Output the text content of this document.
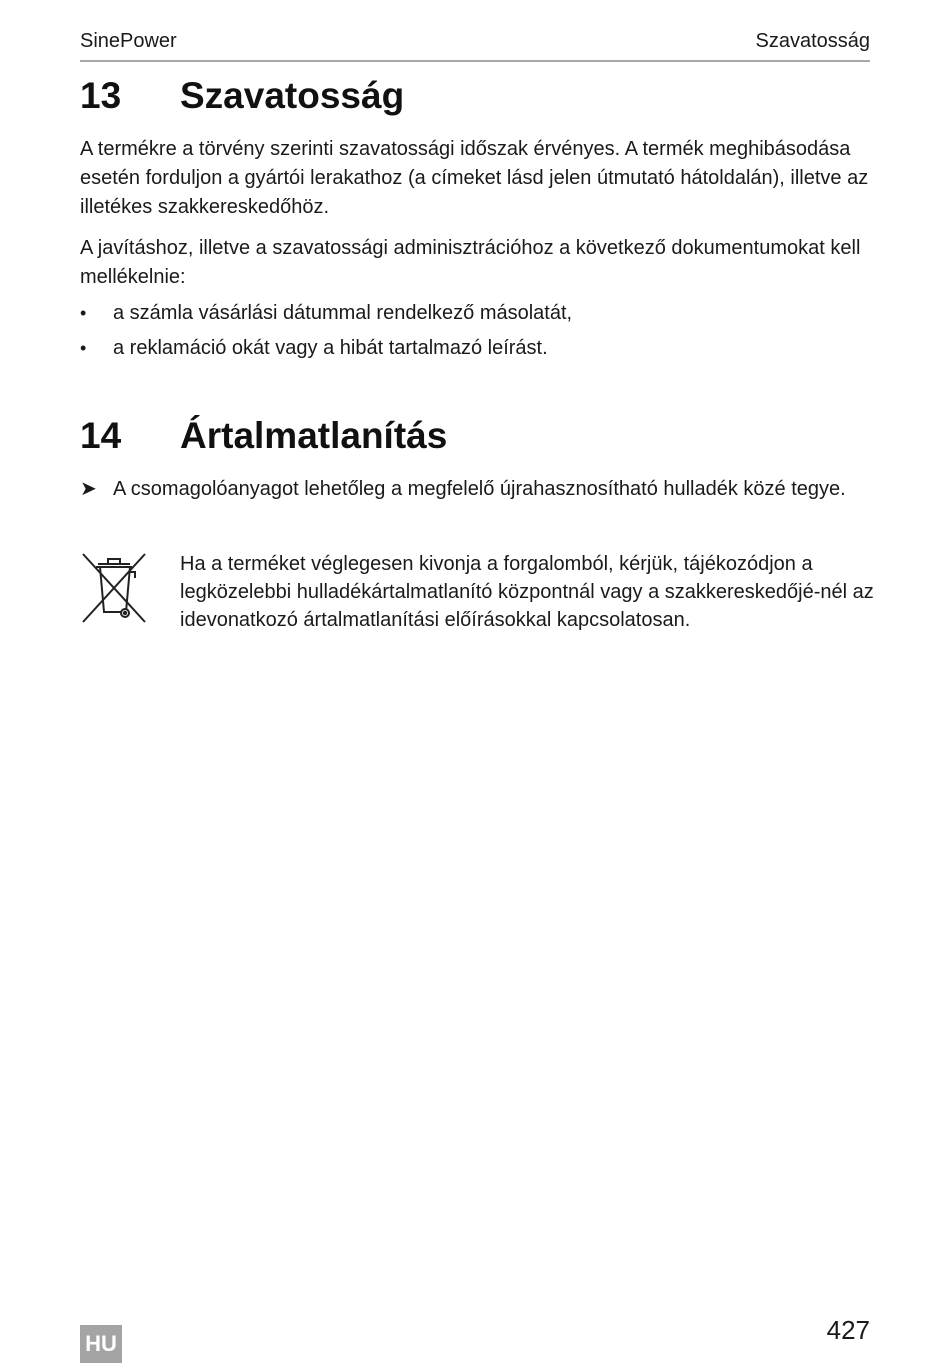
SinePower	Szavatosság
13 Szavatosság

A termékre a törvény szerinti szavatossági időszak érvényes. A termék meghibásodása esetén forduljon a gyártói lerakathoz (a címeket lásd jelen útmutató hátoldalán), illetve az illetékes szakkereskedőhöz.

A javításhoz, illetve a szavatossági adminisztrációhoz a következő dokumentumokat kell mellékelnie:

• a számla vásárlási dátummal rendelkező másolatát,
• a reklamáció okát vagy a hibát tartalmazó leírást.
14 Ártalmatlanítás
➤ A csomagolóanyagot lehetőleg a megfelelő újrahasznosítható hulladék közé tegye.

Ha a terméket véglegesen kivonja a forgalomból, kérjük, tájékozódjon a legközelebbi hulladékártalmatlanító központnál vagy a szakkereskedőjé-nél az idevonatkozó ártalmatlanítási előírásokkal kapcsolatosan.

HU	427
